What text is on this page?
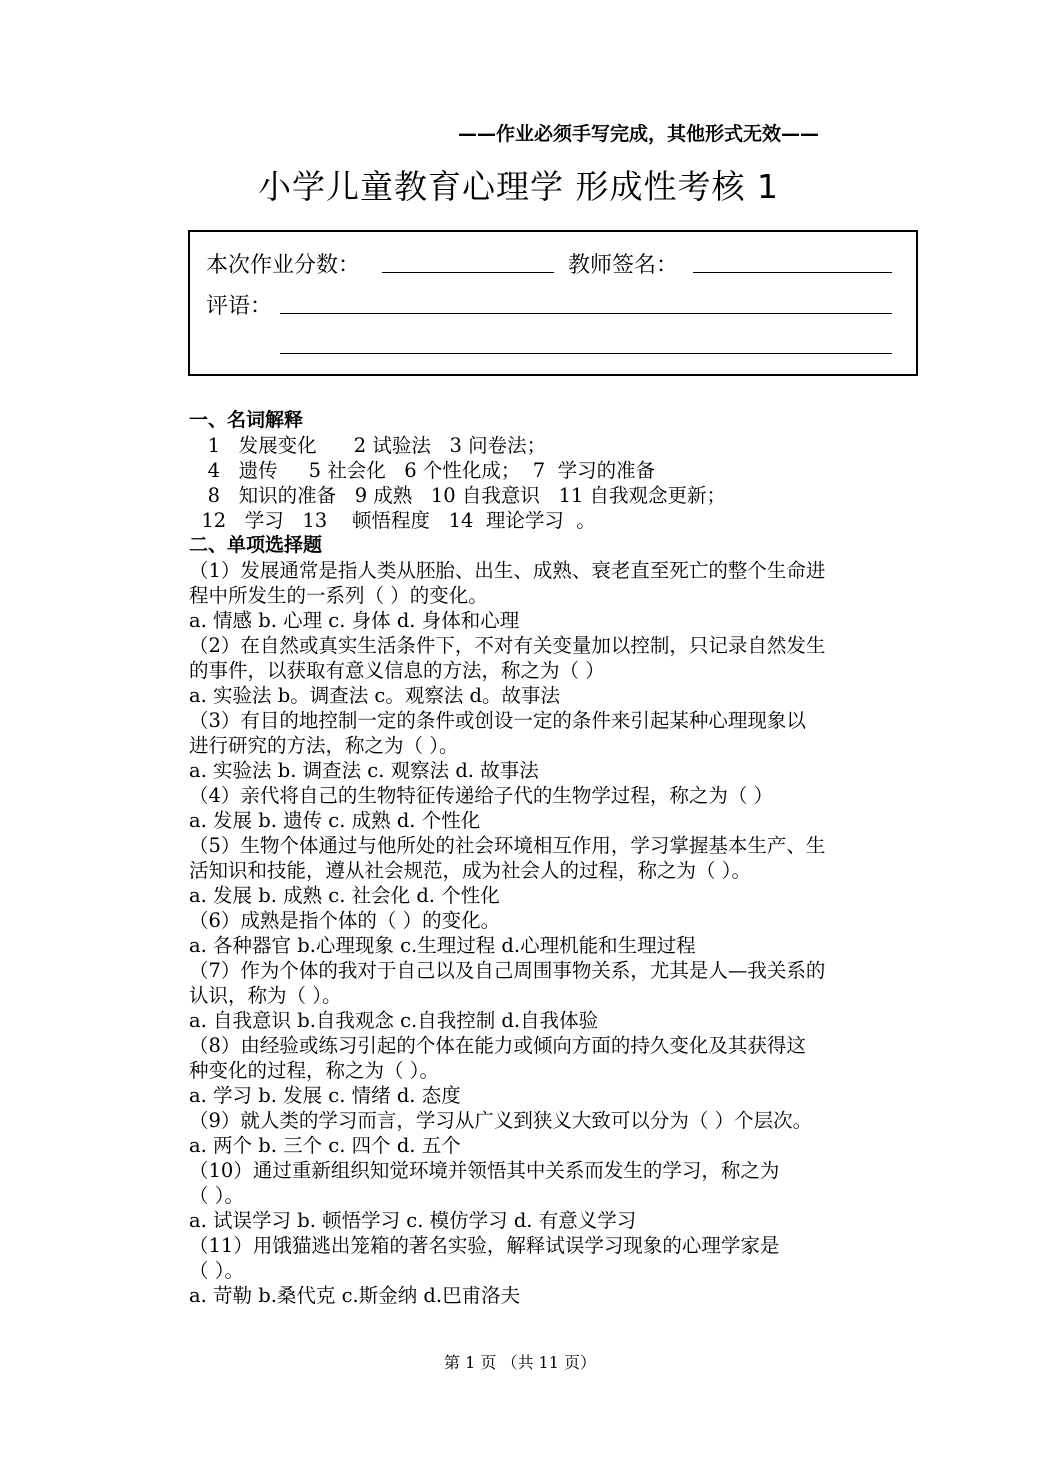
——作业必须手写完成，其他形式无效——
小学儿童教育心理学 形成性考核 1
本次作业分数：	教师签名：
评语：
一、名词解释
1   发展变化      2 试验法   3 问卷法；
4   遗传     5 社会化   6 个性化成；  7  学习的准备
8   知识的准备   9 成熟   10 自我意识   11 自我观念更新；
12   学习   13    顿悟程度   14  理论学习  。
二、单项选择题
（1）发展通常是指人类从胚胎、出生、成熟、衰老直至死亡的整个生命进
程中所发生的一系列（ ）的变化。
a. 情感 b. 心理 c. 身体 d. 身体和心理
（2）在自然或真实生活条件下，不对有关变量加以控制，只记录自然发生
的事件，以获取有意义信息的方法，称之为（ ）
a. 实验法 b。调查法 c。观察法 d。故事法
（3）有目的地控制一定的条件或创设一定的条件来引起某种心理现象以
进行研究的方法，称之为（ ）。
a. 实验法 b. 调查法 c. 观察法 d. 故事法
（4）亲代将自己的生物特征传递给子代的生物学过程，称之为（ ）
a. 发展 b. 遗传 c. 成熟 d. 个性化
（5）生物个体通过与他所处的社会环境相互作用，学习掌握基本生产、生
活知识和技能，遵从社会规范，成为社会人的过程，称之为（ ）。
a. 发展 b. 成熟 c. 社会化 d. 个性化
（6）成熟是指个体的（ ）的变化。
a. 各种器官 b.心理现象 c.生理过程 d.心理机能和生理过程
（7）作为个体的我对于自己以及自己周围事物关系，尤其是人—我关系的
认识，称为（ ）。
a. 自我意识 b.自我观念 c.自我控制 d.自我体验
（8）由经验或练习引起的个体在能力或倾向方面的持久变化及其获得这
种变化的过程，称之为（ ）。
a. 学习 b. 发展 c. 情绪 d. 态度
（9）就人类的学习而言，学习从广义到狭义大致可以分为（ ）个层次。
a. 两个 b. 三个 c. 四个 d. 五个
（10）通过重新组织知觉环境并领悟其中关系而发生的学习，称之为
（ ）。
a. 试误学习 b. 顿悟学习 c. 模仿学习 d. 有意义学习
（11）用饿猫逃出笼箱的著名实验，解释试误学习现象的心理学家是
（ ）。
a. 苛勒 b.桑代克 c.斯金纳 d.巴甫洛夫
第 1 页 （共 11 页）
